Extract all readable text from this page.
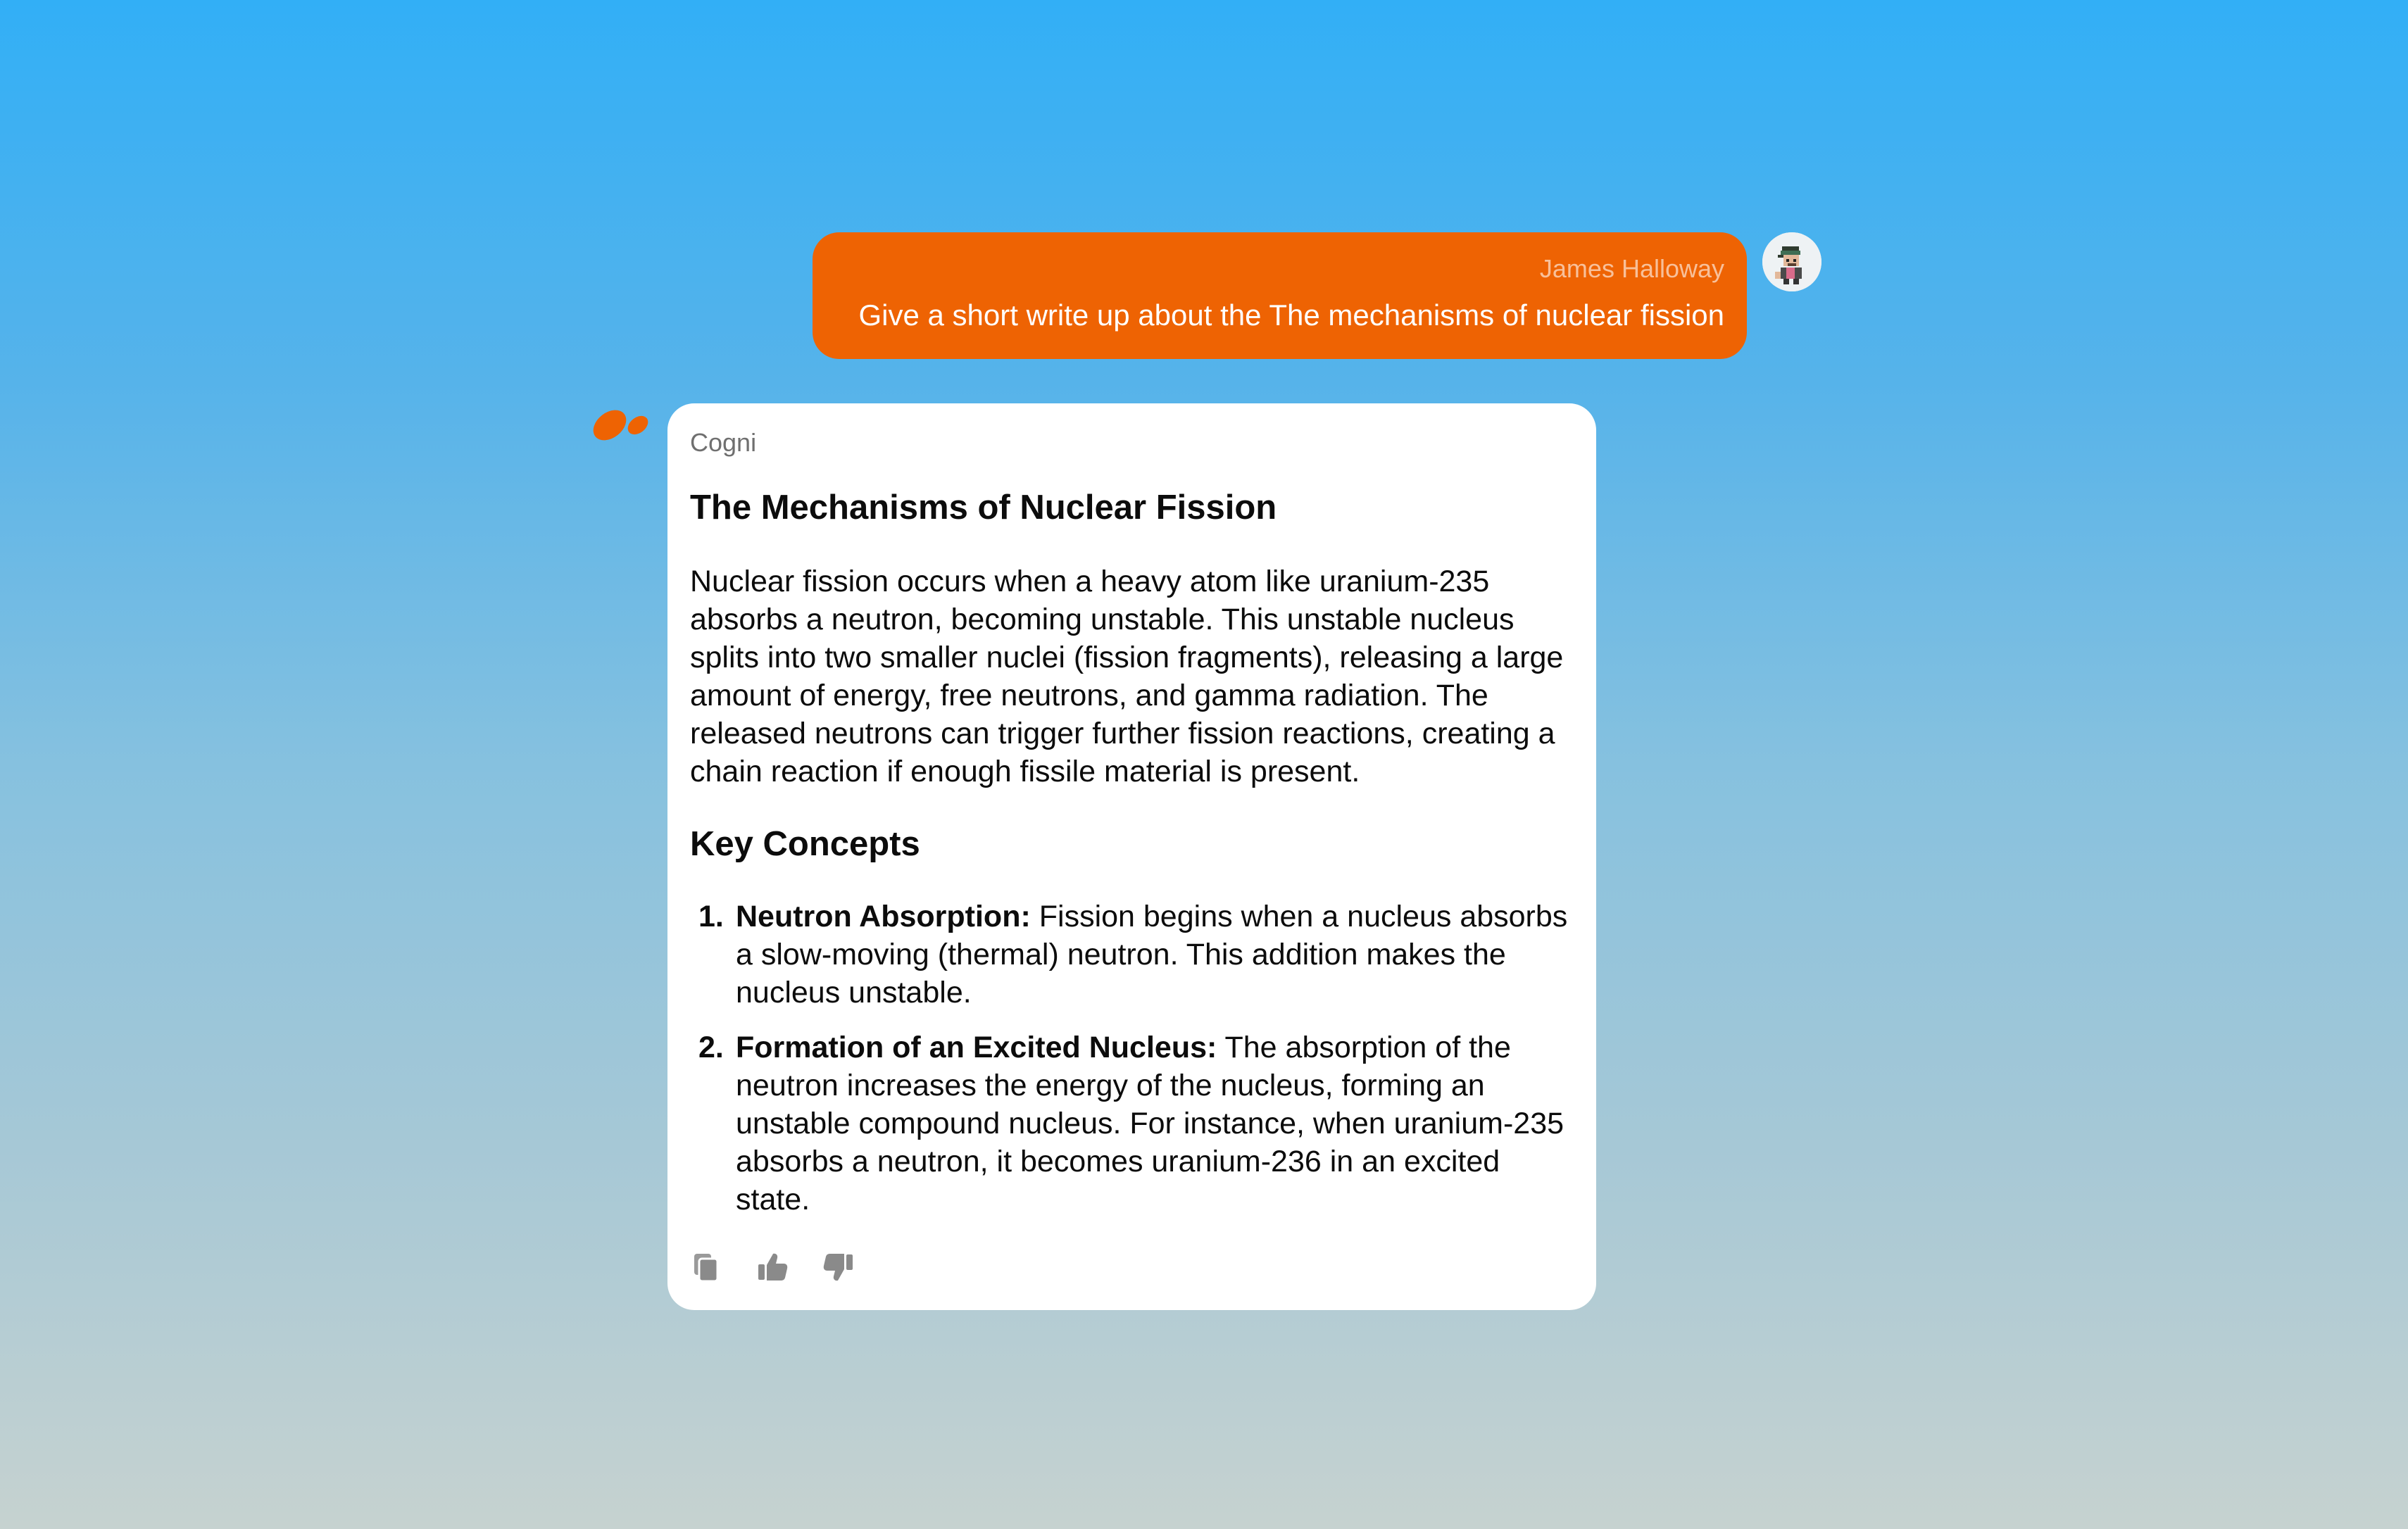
James Halloway
Give a short write up about the The mechanisms of nuclear fission
Cogni
The Mechanisms of Nuclear Fission

Nuclear fission occurs when a heavy atom like uranium-235 absorbs a neutron, becoming unstable. This unstable nucleus splits into two smaller nuclei (fission fragments), releasing a large amount of energy, free neutrons, and gamma radiation. The released neutrons can trigger further fission reactions, creating a chain reaction if enough fissile material is present.

Key Concepts
1. Neutron Absorption: Fission begins when a nucleus absorbs a slow-moving (thermal) neutron. This addition makes the nucleus unstable.
2. Formation of an Excited Nucleus: The absorption of the neutron increases the energy of the nucleus, forming an unstable compound nucleus. For instance, when uranium-235 absorbs a neutron, it becomes uranium-236 in an excited state.
